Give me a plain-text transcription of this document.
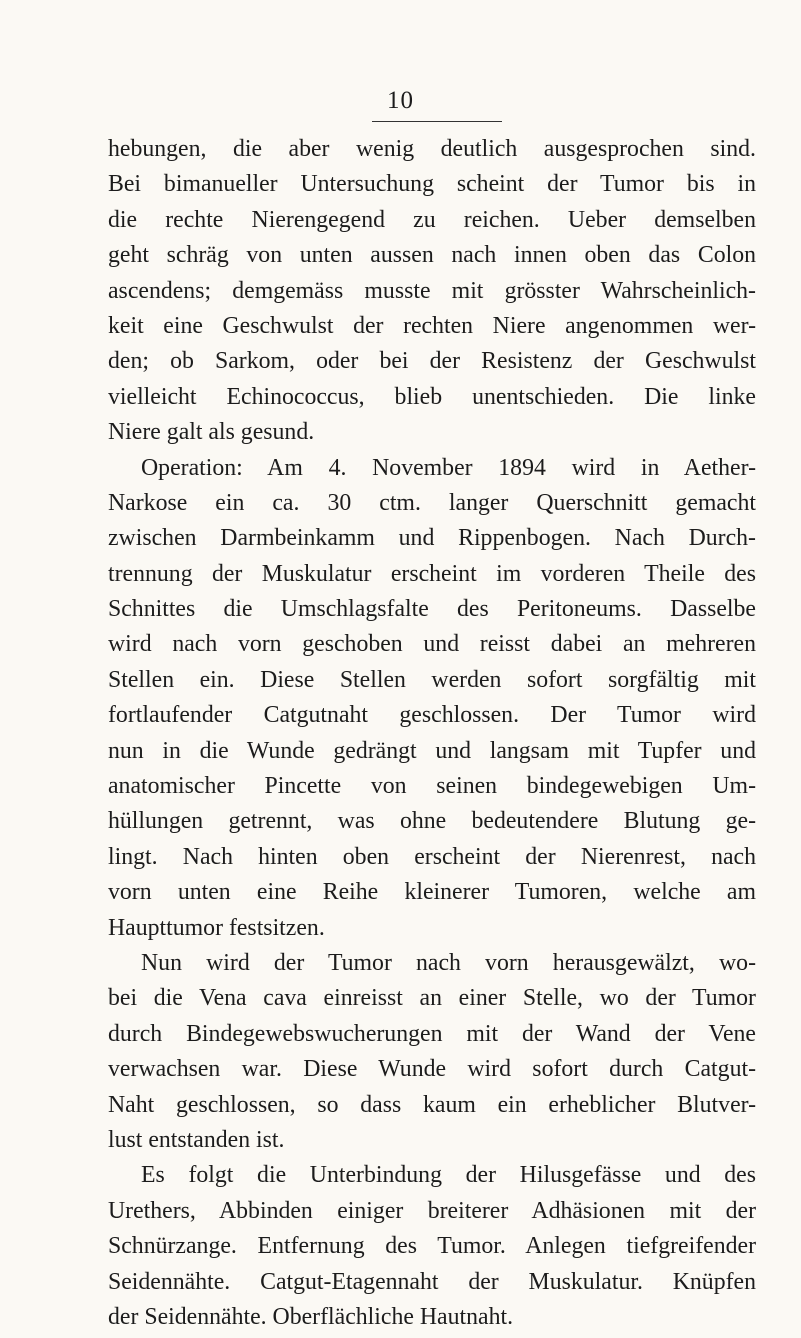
10
hebungen, die aber wenig deutlich ausgesprochen sind.
Bei bimanueller Untersuchung scheint der Tumor bis in
die rechte Nierengegend zu reichen. Ueber demselben
geht schräg von unten aussen nach innen oben das Colon
ascendens; demgemäss musste mit grösster Wahrscheinlich-
keit eine Geschwulst der rechten Niere angenommen wer-
den; ob Sarkom, oder bei der Resistenz der Geschwulst
vielleicht Echinococcus, blieb unentschieden. Die linke
Niere galt als gesund.
Operation: Am 4. November 1894 wird in Aether-
Narkose ein ca. 30 ctm. langer Querschnitt gemacht
zwischen Darmbeinkamm und Rippenbogen. Nach Durch-
trennung der Muskulatur erscheint im vorderen Theile des
Schnittes die Umschlagsfalte des Peritoneums. Dasselbe
wird nach vorn geschoben und reisst dabei an mehreren
Stellen ein. Diese Stellen werden sofort sorgfältig mit
fortlaufender Catgutnaht geschlossen. Der Tumor wird
nun in die Wunde gedrängt und langsam mit Tupfer und
anatomischer Pincette von seinen bindegewebigen Um-
hüllungen getrennt, was ohne bedeutendere Blutung ge-
lingt. Nach hinten oben erscheint der Nierenrest, nach
vorn unten eine Reihe kleinerer Tumoren, welche am
Haupttumor festsitzen.
Nun wird der Tumor nach vorn herausgewälzt, wo-
bei die Vena cava einreisst an einer Stelle, wo der Tumor
durch Bindegewebswucherungen mit der Wand der Vene
verwachsen war. Diese Wunde wird sofort durch Catgut-
Naht geschlossen, so dass kaum ein erheblicher Blutver-
lust entstanden ist.
Es folgt die Unterbindung der Hilusgefässe und des
Urethers, Abbinden einiger breiterer Adhäsionen mit der
Schnürzange. Entfernung des Tumor. Anlegen tiefgreifender
Seidennähte. Catgut-Etagennaht der Muskulatur. Knüpfen
der Seidennähte. Oberflächliche Hautnaht.
